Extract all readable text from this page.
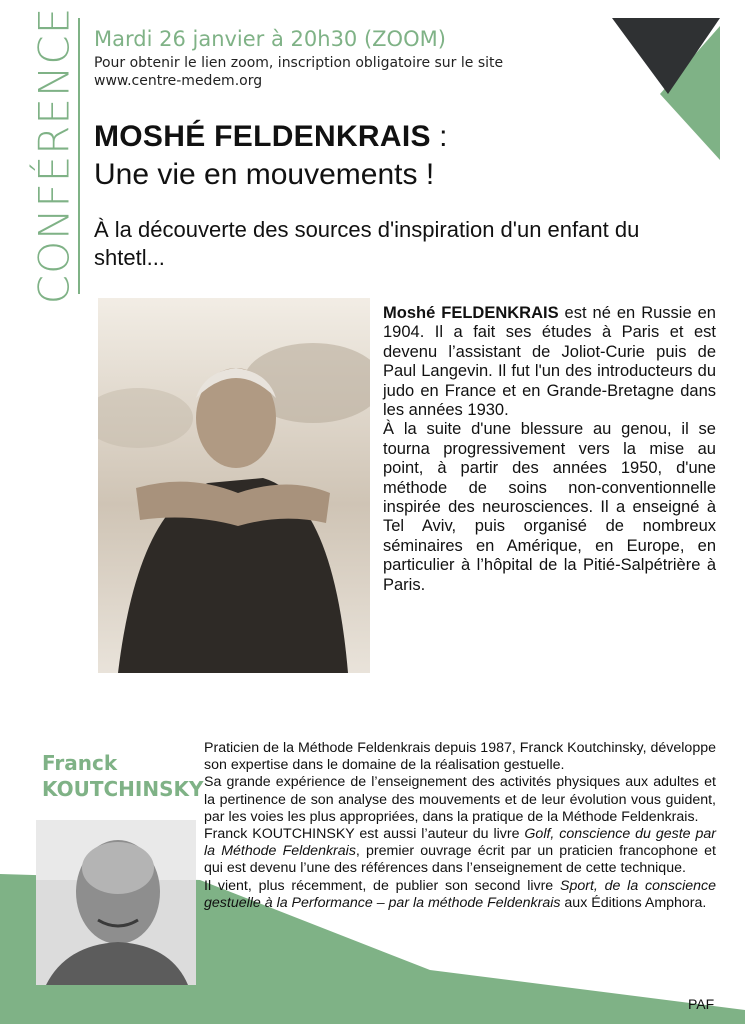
CONFÉRENCE Mardi 26 janvier à 20h30 (ZOOM)
Pour obtenir le lien zoom, inscription obligatoire sur le site www.centre-medem.org
MOSHÉ FELDENKRAIS :
Une vie en mouvements !
À la découverte des sources d'inspiration d'un enfant du shtetl...

Moshé FELDENKRAIS est né en Russie en 1904. Il a fait ses études à Paris et est devenu l’assistant de Joliot-Curie puis de Paul Langevin. Il fut l'un des introducteurs du judo en France et en Grande-Bretagne dans les années 1930.

À la suite d'une blessure au genou, il se tourna progressivement vers la mise au point, à partir des années 1950, d'une méthode de soins non-conventionnelle inspirée des neurosciences. Il a enseigné à Tel Aviv, puis organisé de nombreux séminaires en Amérique, en Europe, en particulier à l’hôpital de la Pitié-Salpétrière à Paris.

Franck
KOUTCHINSKY

Praticien de la Méthode Feldenkrais depuis 1987, Franck Koutchinsky, développe son expertise dans le domaine de la réalisation gestuelle.

Sa grande expérience de l’enseignement des activités physiques aux adultes et la pertinence de son analyse des mouvements et de leur évolution vous guident, par les voies les plus appropriées, dans la pratique de la Méthode Feldenkrais.

Franck KOUTCHINSKY est aussi l’auteur du livre Golf, conscience du geste par la Méthode Feldenkrais, premier ouvrage écrit par un praticien francophone et qui est devenu l’une des références dans l’enseignement de cette technique.

Il vient, plus récemment, de publier son second livre Sport, de la conscience gestuelle à la Performance – par la méthode Feldenkrais aux Éditions Amphora.

PAF
